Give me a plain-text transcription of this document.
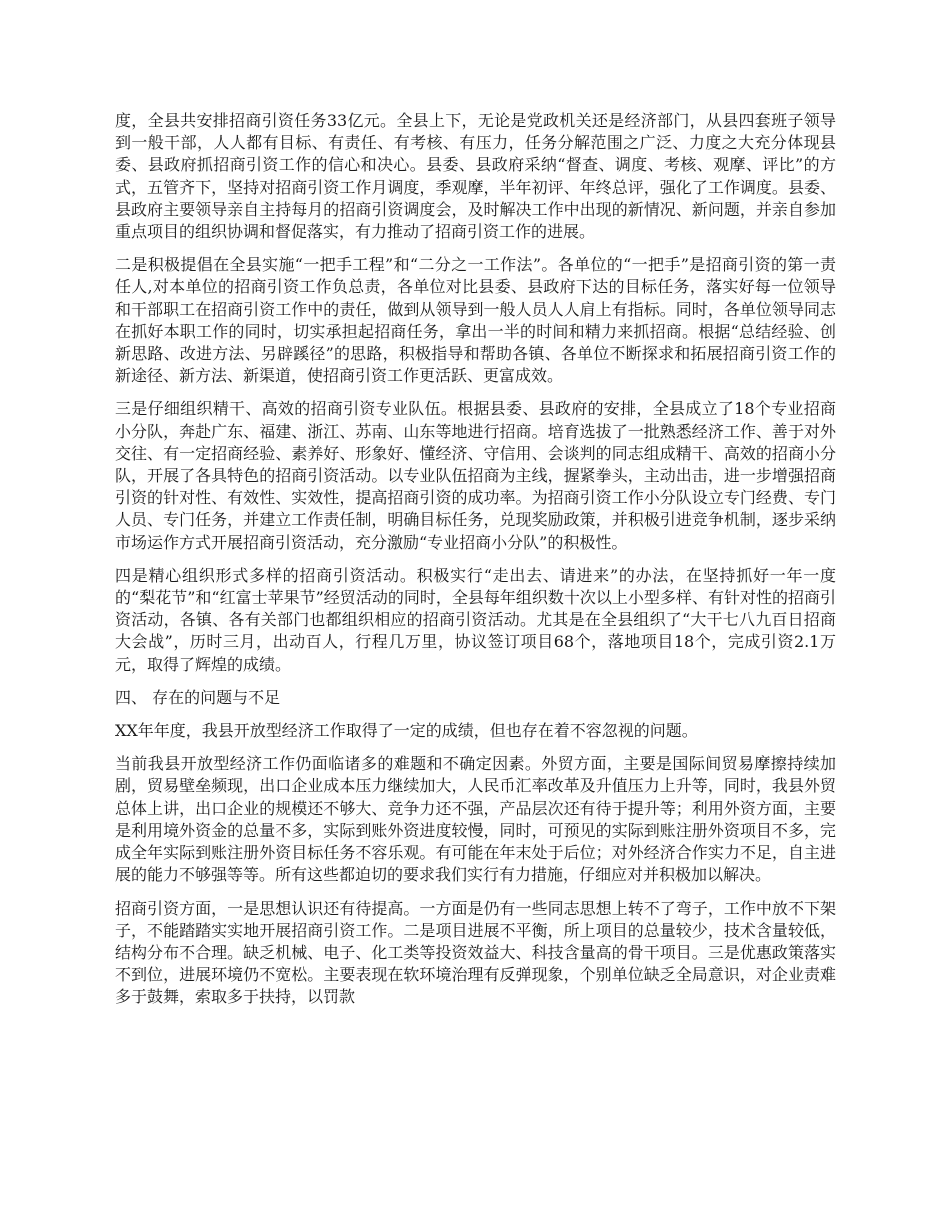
度，全县共安排招商引资任务33亿元。全县上下，无论是党政机关还是经济部门，从县四套班子领导到一般干部，人人都有目标、有责任、有考核、有压力，任务分解范围之广泛、力度之大充分体现县委、县政府抓招商引资工作的信心和决心。县委、县政府采纳“督查、调度、考核、观摩、评比”的方式，五管齐下，坚持对招商引资工作月调度，季观摩，半年初评、年终总评，强化了工作调度。县委、县政府主要领导亲自主持每月的招商引资调度会，及时解决工作中出现的新情况、新问题，并亲自参加重点项目的组织协调和督促落实，有力推动了招商引资工作的进展。

二是积极提倡在全县实施“一把手工程”和“二分之一工作法”。各单位的“一把手”是招商引资的第一责任人,对本单位的招商引资工作负总责，各单位对比县委、县政府下达的目标任务，落实好每一位领导和干部职工在招商引资工作中的责任，做到从领导到一般人员人人肩上有指标。同时，各单位领导同志在抓好本职工作的同时，切实承担起招商任务，拿出一半的时间和精力来抓招商。根据“总结经验、创新思路、改进方法、另辟蹊径”的思路，积极指导和帮助各镇、各单位不断探求和拓展招商引资工作的新途径、新方法、新渠道，使招商引资工作更活跃、更富成效。

三是仔细组织精干、高效的招商引资专业队伍。根据县委、县政府的安排，全县成立了18个专业招商小分队，奔赴广东、福建、浙江、苏南、山东等地进行招商。培育选拔了一批熟悉经济工作、善于对外交往、有一定招商经验、素养好、形象好、懂经济、守信用、会谈判的同志组成精干、高效的招商小分队，开展了各具特色的招商引资活动。以专业队伍招商为主线，握紧拳头，主动出击，进一步增强招商引资的针对性、有效性、实效性，提高招商引资的成功率。为招商引资工作小分队设立专门经费、专门人员、专门任务，并建立工作责任制，明确目标任务，兑现奖励政策，并积极引进竞争机制，逐步采纳市场运作方式开展招商引资活动，充分激励“专业招商小分队”的积极性。

四是精心组织形式多样的招商引资活动。积极实行“走出去、请进来”的办法，在坚持抓好一年一度的“梨花节”和“红富士苹果节”经贸活动的同时，全县每年组织数十次以上小型多样、有针对性的招商引资活动，各镇、各有关部门也都组织相应的招商引资活动。尤其是在全县组织了“大干七八九百日招商大会战”，历时三月，出动百人，行程几万里，协议签订项目68个，落地项目18个，完成引资2.1万元，取得了辉煌的成绩。

四、 存在的问题与不足

XX年年度，我县开放型经济工作取得了一定的成绩，但也存在着不容忽视的问题。

当前我县开放型经济工作仍面临诸多的难题和不确定因素。外贸方面，主要是国际间贸易摩擦持续加剧，贸易壁垒频现，出口企业成本压力继续加大，人民币汇率改革及升值压力上升等，同时，我县外贸总体上讲，出口企业的规模还不够大、竞争力还不强，产品层次还有待于提升等；利用外资方面，主要是利用境外资金的总量不多，实际到账外资进度较慢，同时，可预见的实际到账注册外资项目不多，完成全年实际到账注册外资目标任务不容乐观。有可能在年末处于后位；对外经济合作实力不足，自主进展的能力不够强等等。所有这些都迫切的要求我们实行有力措施，仔细应对并积极加以解决。

招商引资方面，一是思想认识还有待提高。一方面是仍有一些同志思想上转不了弯子，工作中放不下架子，不能踏踏实实地开展招商引资工作。二是项目进展不平衡，所上项目的总量较少，技术含量较低，结构分布不合理。缺乏机械、电子、化工类等投资效益大、科技含量高的骨干项目。三是优惠政策落实不到位，进展环境仍不宽松。主要表现在软环境治理有反弹现象，个别单位缺乏全局意识，对企业责难多于鼓舞，索取多于扶持，以罚款
